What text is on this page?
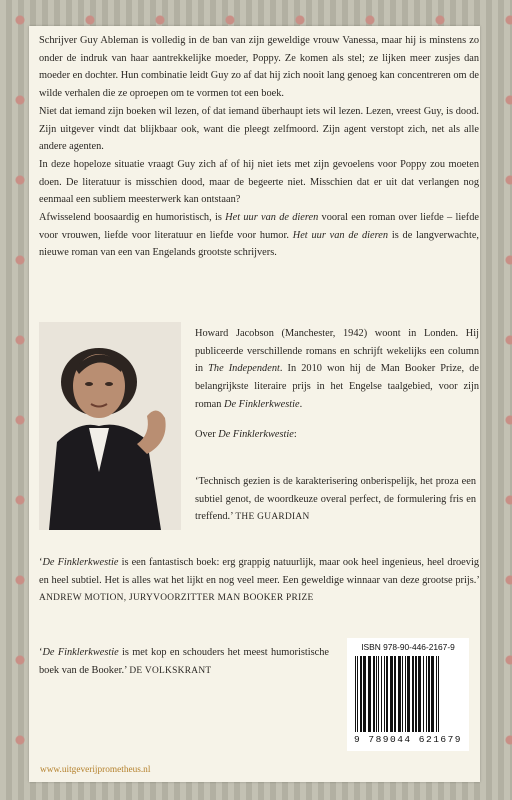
Schrijver Guy Ableman is volledig in de ban van zijn geweldige vrouw Vanessa, maar hij is minstens zo onder de indruk van haar aantrekkelijke moeder, Poppy. Ze komen als stel; ze lijken meer zusjes dan moeder en dochter. Hun combinatie leidt Guy zo af dat hij zich nooit lang genoeg kan concentreren om de wilde verhalen die ze oproepen om te vormen tot een boek.

Niet dat iemand zijn boeken wil lezen, of dat iemand überhaupt iets wil lezen. Lezen, vreest Guy, is dood. Zijn uitgever vindt dat blijkbaar ook, want die pleegt zelfmoord. Zijn agent verstopt zich, net als alle andere agenten.

In deze hopeloze situatie vraagt Guy zich af of hij niet iets met zijn gevoelens voor Poppy zou moeten doen. De literatuur is misschien dood, maar de begeerte niet. Misschien dat er uit dat verlangen nog eenmaal een subliem meesterwerk kan ontstaan?

Afwisselend boosaardig en humoristisch, is Het uur van de dieren vooral een roman over liefde – liefde voor vrouwen, liefde voor literatuur en liefde voor humor. Het uur van de dieren is de langverwachte, nieuwe roman van een van Engelands grootste schrijvers.

Howard Jacobson (Manchester, 1942) woont in Londen. Hij publiceerde verschillende romans en schrijft wekelijks een column in The Independent. In 2010 won hij de Man Booker Prize, de belangrijkste literaire prijs in het Engelse taalgebied, voor zijn roman De Finklerkwestie.

Over De Finklerkwestie:

‘Technisch gezien is de karakterisering onberispelijk, het proza een subtiel genot, de woordkeuze overal perfect, de formulering fris en treffend.’ THE GUARDIAN
‘De Finklerkwestie is een fantastisch boek: erg grappig natuurlijk, maar ook heel ingenieus, heel droevig en heel subtiel. Het is alles wat het lijkt en nog veel meer. Een geweldige winnaar van deze grootse prijs.’ ANDREW MOTION, JURYVOORZITTER MAN BOOKER PRIZE
‘De Finklerkwestie is met kop en schouders het meest humoristische boek van de Booker.’ DE VOLKSKRANT
ISBN 978-90-446-2167-9
9 789044 621679
www.uitgeverijprometheus.nl
